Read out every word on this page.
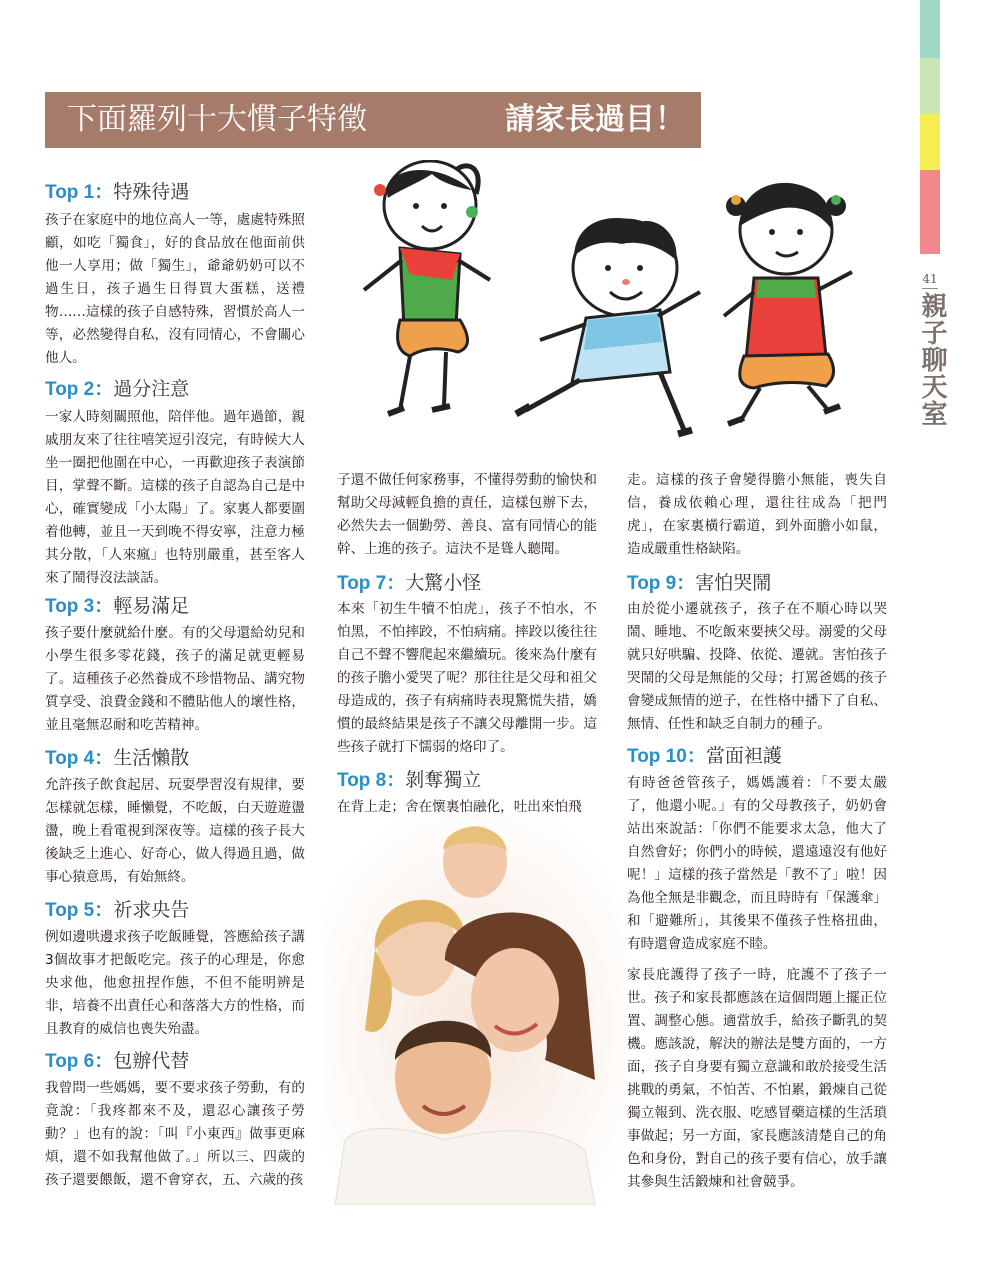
41
親子聊天室
下面羅列十大慣子特徵	請家長過目！
Top 1：特殊待遇
孩子在家庭中的地位高人一等，處處特殊照顧，如吃「獨食」，好的食品放在他面前供他一人享用；做「獨生」，爺爺奶奶可以不過生日，孩子過生日得買大蛋糕，送禮物……這樣的孩子自感特殊，習慣於高人一等，必然變得自私，沒有同情心，不會關心他人。
Top 2：過分注意
一家人時刻關照他，陪伴他。過年過節，親戚朋友來了往往嘻笑逗引沒完，有時候大人坐一圈把他圍在中心，一再歡迎孩子表演節目，掌聲不斷。這樣的孩子自認為自己是中心，確實變成「小太陽」了。家裏人都要圍着他轉，並且一天到晚不得安寧，注意力極其分散，「人來瘋」也特別嚴重，甚至客人來了鬧得沒法談話。
Top 3：輕易滿足
孩子要什麼就給什麼。有的父母還給幼兒和小學生很多零花錢，孩子的滿足就更輕易了。這種孩子必然養成不珍惜物品、講究物質享受、浪費金錢和不體貼他人的壞性格，並且毫無忍耐和吃苦精神。
Top 4：生活懶散
允許孩子飲食起居、玩耍學習沒有規律，要怎樣就怎樣，睡懶覺，不吃飯，白天遊遊盪盪，晚上看電視到深夜等。這樣的孩子長大後缺乏上進心、好奇心，做人得過且過，做事心猿意馬，有始無終。
Top 5：祈求央告
例如邊哄邊求孩子吃飯睡覺，答應給孩子講3個故事才把飯吃完。孩子的心理是，你愈央求他，他愈扭捏作態，不但不能明辨是非，培養不出責任心和落落大方的性格，而且教育的威信也喪失殆盡。
Top 6：包辦代替
我曾問一些媽媽，要不要求孩子勞動，有的竟說：「我疼都來不及，還忍心讓孩子勞動？」也有的說：「叫『小東西』做事更麻煩，還不如我幫他做了。」所以三、四歲的孩子還要餵飯，還不會穿衣，五、六歲的孩
子還不做任何家務事，不懂得勞動的愉快和幫助父母減輕負擔的責任，這樣包辦下去，必然失去一個勤勞、善良、富有同情心的能幹、上進的孩子。這決不是聳人聽聞。
Top 7：大驚小怪
本來「初生牛犢不怕虎」，孩子不怕水，不怕黑，不怕摔跤，不怕病痛。摔跤以後往往自己不聲不響爬起來繼續玩。後來為什麼有的孩子膽小愛哭了呢？那往往是父母和祖父母造成的，孩子有病痛時表現驚慌失措，嬌慣的最終結果是孩子不讓父母離開一步。這些孩子就打下懦弱的烙印了。
Top 8：剝奪獨立
在背上走；舍在懷裏怕融化，吐出來怕飛
走。這樣的孩子會變得膽小無能，喪失自信，養成依賴心理，還往往成為「把門虎」，在家裏橫行霸道，到外面膽小如鼠，造成嚴重性格缺陷。
Top 9：害怕哭鬧
由於從小遷就孩子，孩子在不順心時以哭鬧、睡地、不吃飯來要挾父母。溺愛的父母就只好哄騙、投降、依從、遷就。害怕孩子哭鬧的父母是無能的父母；打罵爸媽的孩子會變成無情的逆子，在性格中播下了自私、無情、任性和缺乏自制力的種子。
Top 10：當面袒護
有時爸爸管孩子，媽媽護着：「不要太嚴了，他還小呢。」有的父母教孩子，奶奶會站出來說話：「你們不能要求太急，他大了自然會好；你們小的時候，還遠遠沒有他好呢！」這樣的孩子當然是「教不了」啦！因為他全無是非觀念，而且時時有「保護傘」和「避難所」，其後果不僅孩子性格扭曲，有時還會造成家庭不睦。
家長庇護得了孩子一時，庇護不了孩子一世。孩子和家長都應該在這個問題上擺正位置、調整心態。適當放手，給孩子斷乳的契機。應該說，解決的辦法是雙方面的，一方面，孩子自身要有獨立意識和敢於接受生活挑戰的勇氣，不怕苦、不怕累，鍛煉自己從獨立報到、洗衣服、吃感冒藥這樣的生活瑣事做起；另一方面，家長應該清楚自己的角色和身份，對自己的孩子要有信心，放手讓其參與生活鍛煉和社會競爭。
